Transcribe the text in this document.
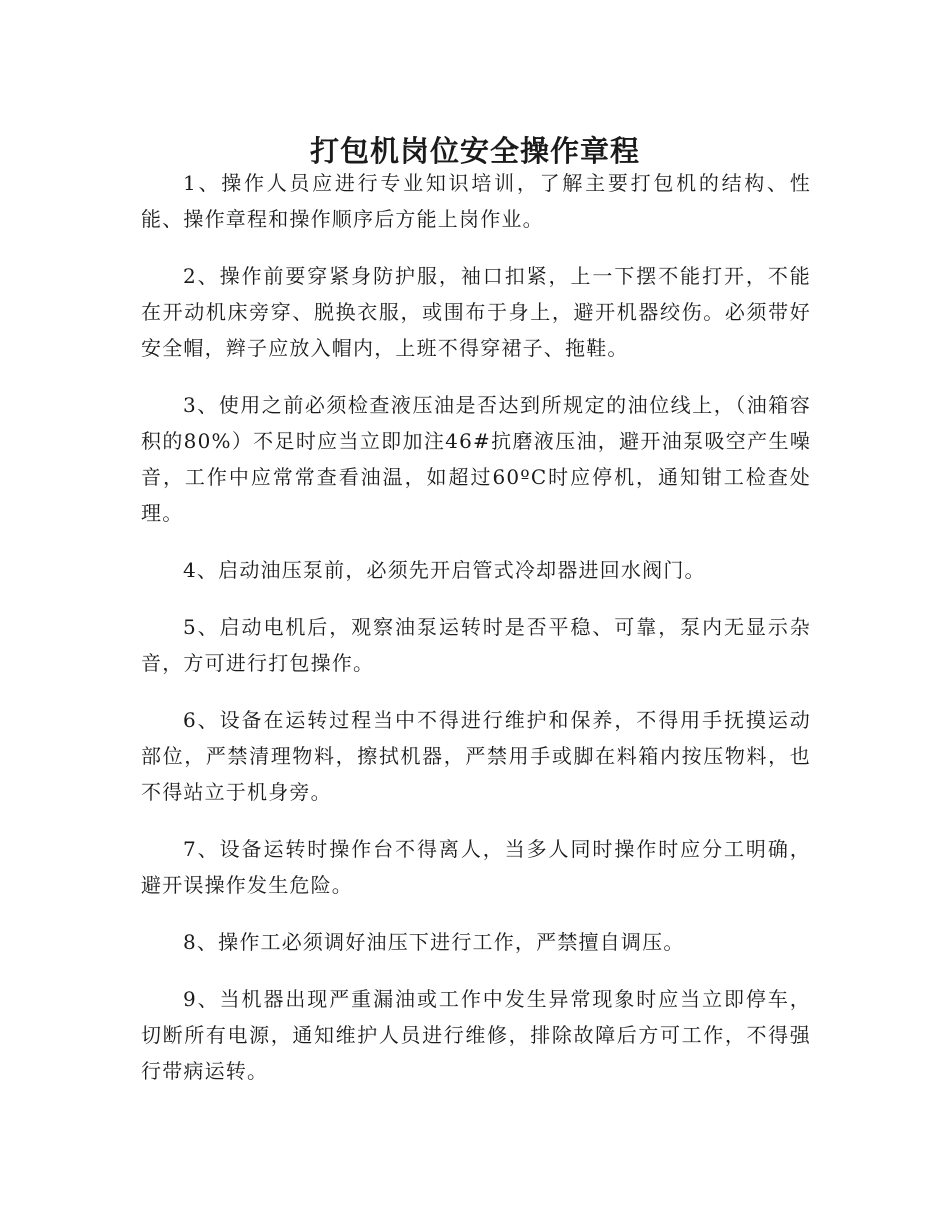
打包机岗位安全操作章程

1、操作人员应进行专业知识培训，了解主要打包机的结构、性能、操作章程和操作顺序后方能上岗作业。

2、操作前要穿紧身防护服，袖口扣紧，上一下摆不能打开，不能在开动机床旁穿、脱换衣服，或围布于身上，避开机器绞伤。必须带好安全帽，辫子应放入帽内，上班不得穿裙子、拖鞋。

3、使用之前必须检查液压油是否达到所规定的油位线上，（油箱容积的80%）不足时应当立即加注46#抗磨液压油，避开油泵吸空产生噪音，工作中应常常查看油温，如超过60ºC时应停机，通知钳工检查处理。

4、启动油压泵前，必须先开启管式冷却器进回水阀门。

5、启动电机后，观察油泵运转时是否平稳、可靠，泵内无显示杂音，方可进行打包操作。

6、设备在运转过程当中不得进行维护和保养，不得用手抚摸运动部位，严禁清理物料，擦拭机器，严禁用手或脚在料箱内按压物料，也不得站立于机身旁。

7、设备运转时操作台不得离人，当多人同时操作时应分工明确，避开误操作发生危险。

8、操作工必须调好油压下进行工作，严禁擅自调压。

9、当机器出现严重漏油或工作中发生异常现象时应当立即停车，切断所有电源，通知维护人员进行维修，排除故障后方可工作，不得强行带病运转。
